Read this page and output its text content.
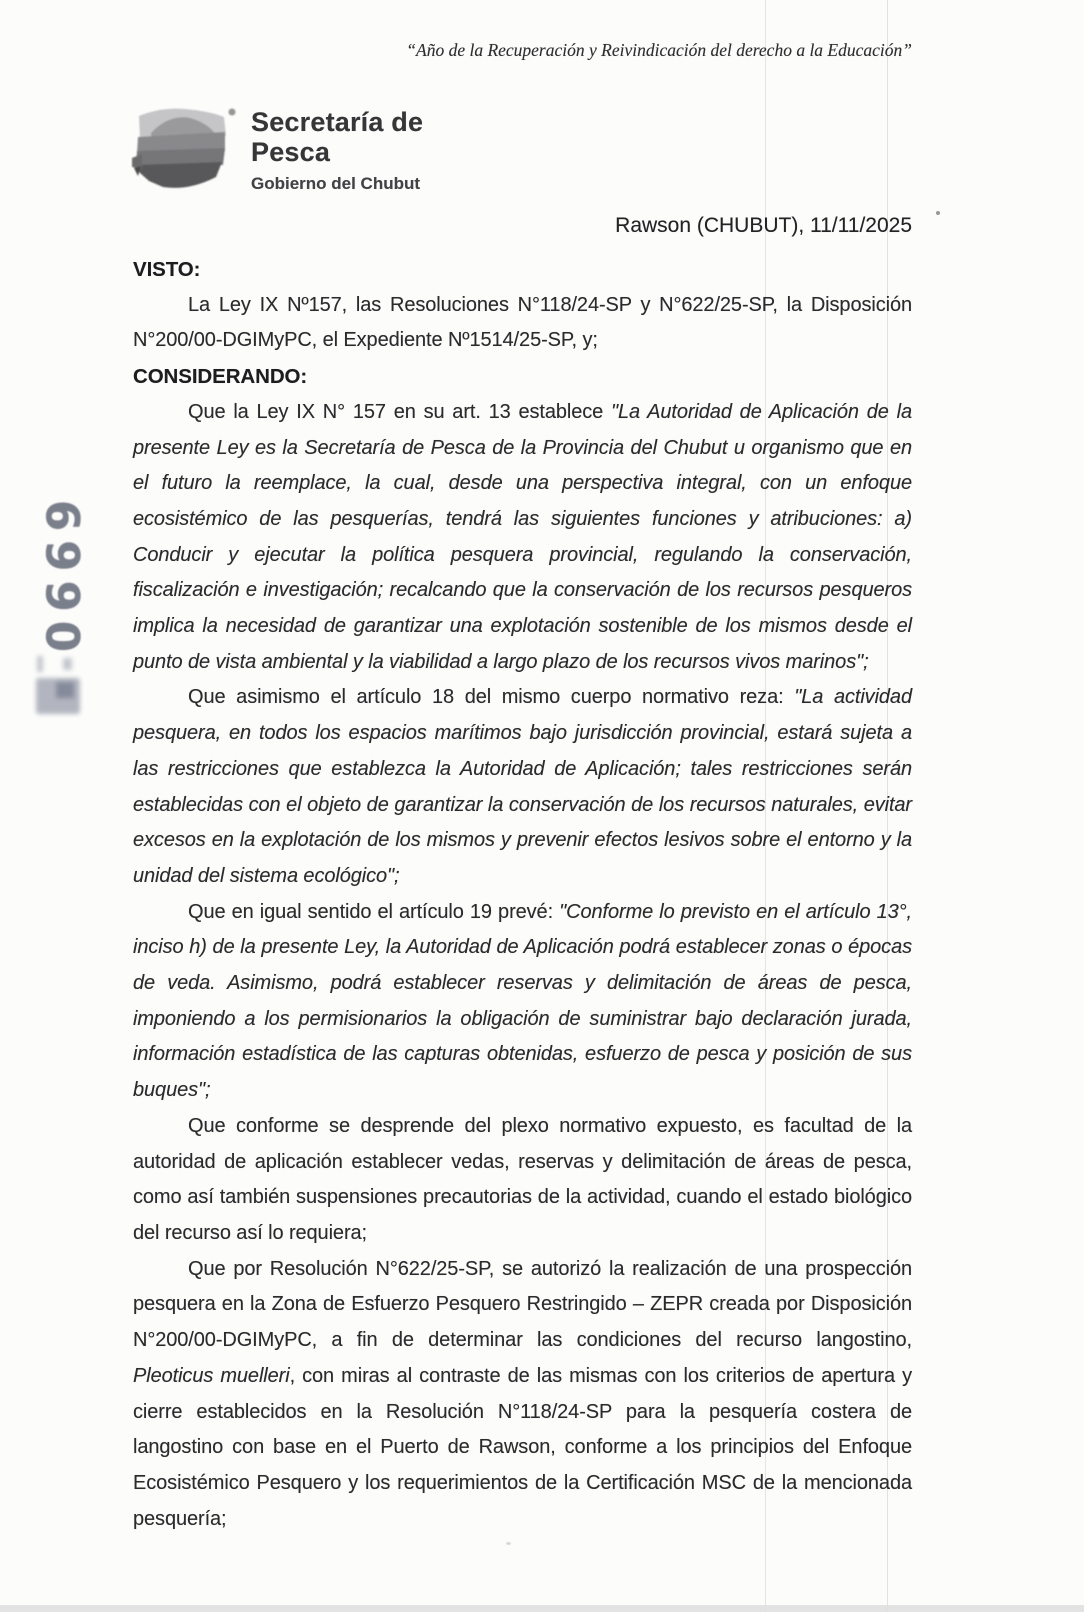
“Año de la Recuperación y Reivindicación del derecho a la Educación”
Secretaría de
Pesca
Gobierno del Chubut
Rawson (CHUBUT), 11/11/2025
VISTO:

La Ley IX Nº157, las Resoluciones N°118/24-SP y N°622/25-SP, la Disposición N°200/00-DGIMyPC, el Expediente Nº1514/25-SP, y;

CONSIDERANDO:

Que la Ley IX N° 157 en su art. 13 establece "La Autoridad de Aplicación de la presente Ley es la Secretaría de Pesca de la Provincia del Chubut u organismo que en el futuro la reemplace, la cual, desde una perspectiva integral, con un enfoque ecosistémico de las pesquerías, tendrá las siguientes funciones y atribuciones: a) Conducir y ejecutar la política pesquera provincial, regulando la conservación, fiscalización e investigación; recalcando que la conservación de los recursos pesqueros implica la necesidad de garantizar una explotación sostenible de los mismos desde el punto de vista ambiental y la viabilidad a largo plazo de los recursos vivos marinos";

Que asimismo el artículo 18 del mismo cuerpo normativo reza: "La actividad pesquera, en todos los espacios marítimos bajo jurisdicción provincial, estará sujeta a las restricciones que establezca la Autoridad de Aplicación; tales restricciones serán establecidas con el objeto de garantizar la conservación de los recursos naturales, evitar excesos en la explotación de los mismos y prevenir efectos lesivos sobre el entorno y la unidad del sistema ecológico";

Que en igual sentido el artículo 19 prevé: "Conforme lo previsto en el artículo 13°, inciso h) de la presente Ley, la Autoridad de Aplicación podrá establecer zonas o épocas de veda. Asimismo, podrá establecer reservas y delimitación de áreas de pesca, imponiendo a los permisionarios la obligación de suministrar bajo declaración jurada, información estadística de las capturas obtenidas, esfuerzo de pesca y posición de sus buques";

Que conforme se desprende del plexo normativo expuesto, es facultad de la autoridad de aplicación establecer vedas, reservas y delimitación de áreas de pesca, como así también suspensiones precautorias de la actividad, cuando el estado biológico del recurso así lo requiera;

Que por Resolución N°622/25-SP, se autorizó la realización de una prospección pesquera en la Zona de Esfuerzo Pesquero Restringido – ZEPR creada por Disposición N°200/00-DGIMyPC, a fin de determinar las condiciones del recurso langostino, Pleoticus muelleri, con miras al contraste de las mismas con los criterios de apertura y cierre establecidos en la Resolución N°118/24-SP para la pesquería costera de langostino con base en el Puerto de Rawson, conforme a los principios del Enfoque Ecosistémico Pesquero y los requerimientos de la Certificación MSC de la mencionada pesquería;

0669
